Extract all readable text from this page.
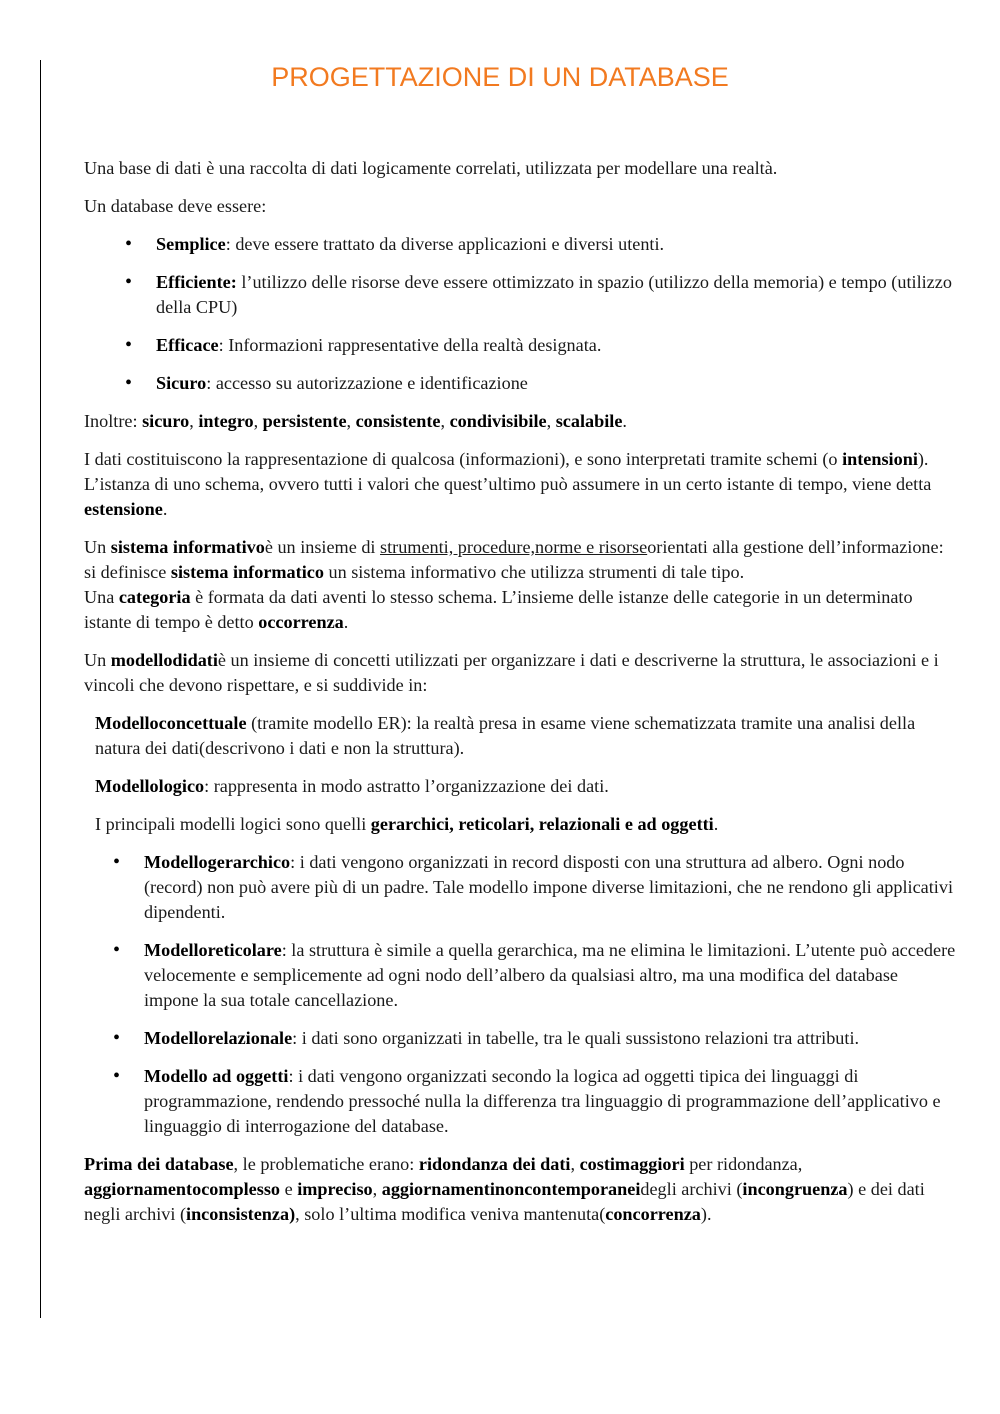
PROGETTAZIONE DI UN DATABASE

Una base di dati è una raccolta di dati logicamente correlati, utilizzata per modellare una realtà.

Un database deve essere:

• Semplice: deve essere trattato da diverse applicazioni e diversi utenti.
• Efficiente: l’utilizzo delle risorse deve essere ottimizzato in spazio (utilizzo della memoria) e tempo (utilizzo della CPU)
• Efficace: Informazioni rappresentative della realtà designata.
• Sicuro: accesso su autorizzazione e identificazione

Inoltre: sicuro, integro, persistente, consistente, condivisibile, scalabile.

I dati costituiscono la rappresentazione di qualcosa (informazioni), e sono interpretati tramite schemi (o intensioni). L’istanza di uno schema, ovvero tutti i valori che quest’ultimo può assumere in un certo istante di tempo, viene detta estensione.

Un sistema informativoè un insieme di strumenti, procedure,norme e risorseorientati alla gestione dell’informazione: si definisce sistema informatico un sistema informativo che utilizza strumenti di tale tipo.

Una categoria è formata da dati aventi lo stesso schema. L’insieme delle istanze delle categorie in un determinato istante di tempo è detto occorrenza.

Un modellodidatiè un insieme di concetti utilizzati per organizzare i dati e descriverne la struttura, le associazioni e i vincoli che devono rispettare, e si suddivide in:

Modelloconcettuale (tramite modello ER): la realtà presa in esame viene schematizzata tramite una analisi della natura dei dati(descrivono i dati e non la struttura).

Modellologico: rappresenta in modo astratto l’organizzazione dei dati.

I principali modelli logici sono quelli gerarchici, reticolari, relazionali e ad oggetti.

• Modellogerarchico: i dati vengono organizzati in record disposti con una struttura ad albero. Ogni nodo (record) non può avere più di un padre. Tale modello impone diverse limitazioni, che ne rendono gli applicativi dipendenti.
• Modelloreticolare: la struttura è simile a quella gerarchica, ma ne elimina le limitazioni. L’utente può accedere velocemente e semplicemente ad ogni nodo dell’albero da qualsiasi altro, ma una modifica del database impone la sua totale cancellazione.
• Modellorelazionale: i dati sono organizzati in tabelle, tra le quali sussistono relazioni tra attributi.
• Modello ad oggetti: i dati vengono organizzati secondo la logica ad oggetti tipica dei linguaggi di programmazione, rendendo pressoché nulla la differenza tra linguaggio di programmazione dell’applicativo e linguaggio di interrogazione del database.

Prima dei database, le problematiche erano: ridondanza dei dati, costimaggiori per ridondanza, aggiornamentocomplesso e impreciso, aggiornamentinoncontemporaneidegli archivi (incongruenza) e dei dati negli archivi (inconsistenza), solo l’ultima modifica veniva mantenuta(concorrenza).
